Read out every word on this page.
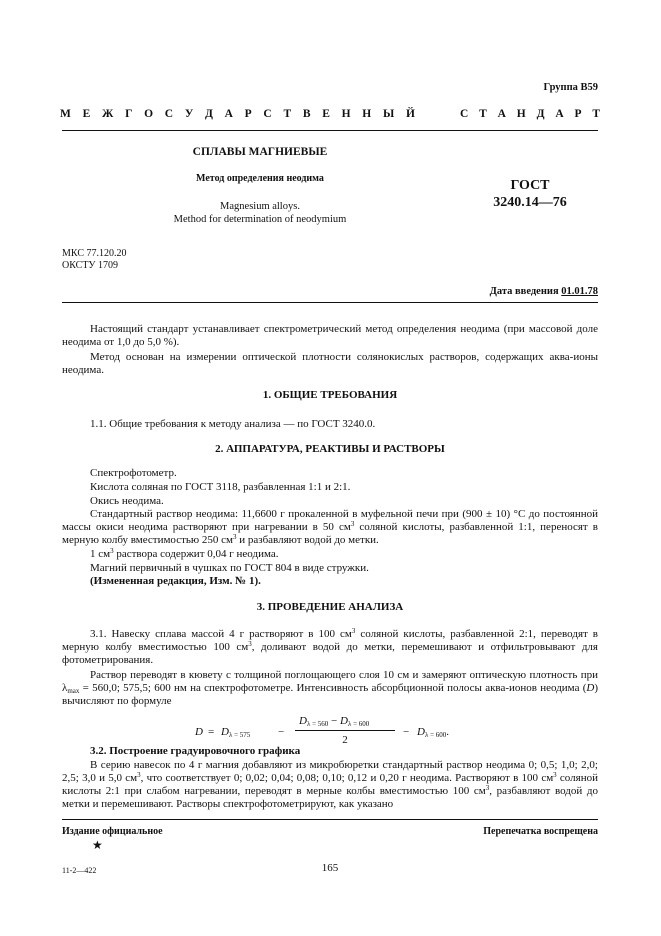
Группа В59
М Е Ж Г О С У Д А Р С Т В Е Н Н Ы Й	С Т А Н Д А Р Т
СПЛАВЫ МАГНИЕВЫЕ
Метод определения неодима
Magnesium alloys.
Method for determination of neodymium
ГОСТ
3240.14—76
МКС 77.120.20
ОКСТУ 1709
Дата введения 01.01.78
Настоящий стандарт устанавливает спектрометрический метод определения неодима (при массовой доле неодима от 1,0 до 5,0 %).
Метод основан на измерении оптической плотности солянокислых растворов, содержащих аква-ионы неодима.
1. ОБЩИЕ ТРЕБОВАНИЯ
1.1. Общие требования к методу анализа — по ГОСТ 3240.0.
2. АППАРАТУРА, РЕАКТИВЫ И РАСТВОРЫ
Спектрофотометр.
Кислота соляная по ГОСТ 3118, разбавленная 1:1 и 2:1.
Окись неодима.
Стандартный раствор неодима: 11,6600 г прокаленной в муфельной печи при (900 ± 10) °С до постоянной массы окиси неодима растворяют при нагревании в 50 $см^3$ соляной кислоты, разбавленной 1:1, переносят в мерную колбу вместимостью 250 $см^3$ и разбавляют водой до метки.
1 $см^3$ раствора содержит 0,04 г неодима.
Магний первичный в чушках по ГОСТ 804 в виде стружки.
(Измененная редакция, Изм. № 1).
3. ПРОВЕДЕНИЕ АНАЛИЗА
3.1. Навеску сплава массой 4 г растворяют в 100 $см^3$ соляной кислоты, разбавленной 2:1, переводят в мерную колбу вместимостью 100 $см^3$, доливают водой до метки, перемешивают и отфильтровывают для фотометрирования.
Раствор переводят в кювету с толщиной поглощающего слоя 10 см и замеряют оптическую плотность при $\lambda_{max} = 560,0$; 575,5; 600 нм на спектрофотометре. Интенсивность абсорбционной полосы аква-ионов неодима (D) вычисляют по формуле
$D = D_{\lambda = 575}$	−
$D_{\lambda = 560} - D_{\lambda = 600}$
2
− $D_{\lambda = 600}$.
3.2. Построение градуировочного графика
В серию навесок по 4 г магния добавляют из микробюретки стандартный раствор неодима 0; 0,5; 1,0; 2,0; 2,5; 3,0 и 5,0 $см^3$, что соответствует 0; 0,02; 0,04; 0,08; 0,10; 0,12 и 0,20 г неодима. Растворяют в 100 $см^3$ соляной кислоты 2:1 при слабом нагревании, переводят в мерные колбы вместимостью 100 $см^3$, разбавляют водой до метки и перемешивают. Растворы спектрофотометрируют, как указано
Издание официальное	Перепечатка воспрещена
★
11-2—422	165
